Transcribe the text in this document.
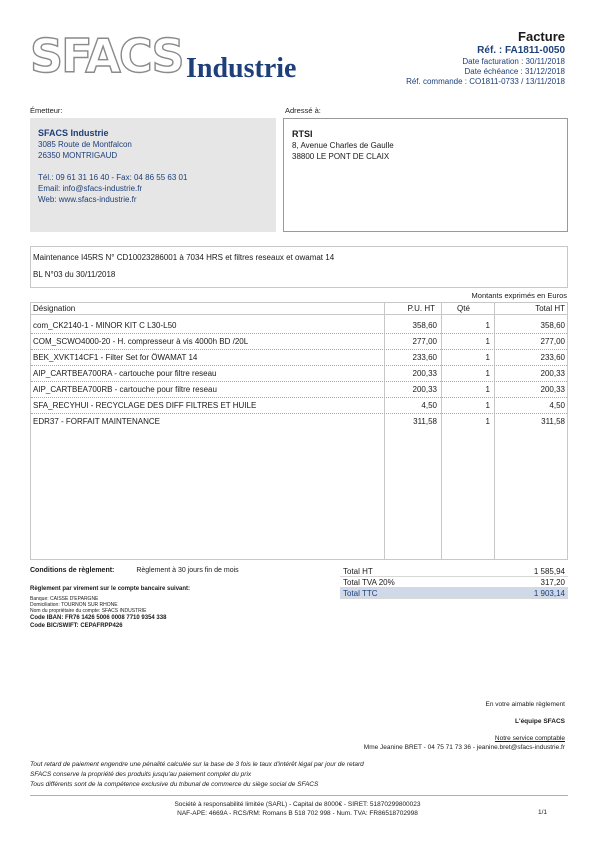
SFACS Industrie
Facture
Réf. : FA1811-0050
Date facturation : 30/11/2018
Date échéance : 31/12/2018
Réf. commande : CO1811-0733 / 13/11/2018
Émetteur:	Adressé à:
SFACS Industrie
3085 Route de Montfalcon
26350 MONTRIGAUD
Tél.: 09 61 31 16 40 - Fax: 04 86 55 63 01
Email: info@sfacs-industrie.fr
Web: www.sfacs-industrie.fr
RTSI
8, Avenue Charles de Gaulle
38800 LE PONT DE CLAIX
Maintenance I45RS N° CD10023286001 à 7034 HRS et filtres reseaux et owamat 14
BL N°03 du 30/11/2018
Montants exprimés en Euros
Désignation	P.U. HT	Qté	Total HT
com_CK2140-1 - MINOR KIT C L30-L50	358,60	1	358,60
COM_SCWO4000-20 - H. compresseur à vis 4000h BD /20L	277,00	1	277,00
BEK_XVKT14CF1 - Filter Set for ÖWAMAT 14	233,60	1	233,60
AIP_CARTBEA700RA - cartouche pour filtre reseau	200,33	1	200,33
AIP_CARTBEA700RB - cartouche pour filtre reseau	200,33	1	200,33
SFA_RECYHUI - RECYCLAGE DES DIFF FILTRES ET HUILE	4,50	1	4,50
EDR37 - FORFAIT MAINTENANCE	311,58	1	311,58
Conditions de règlement:	Règlement à 30 jours fin de mois
Règlement par virement sur le compte bancaire suivant:
Banque: CAISSE D'EPARGNE
Domiciliation: TOURNON SUR RHONE
Nom du propriétaire du compte: SFACS INDUSTRIE
Code IBAN: FR76 1426 5006 0008 7710 9354 338
Code BIC/SWIFT: CEPAFRPP426
Total HT	1 585,94
Total TVA 20%	317,20
Total TTC	1 903,14
En votre aimable règlement
L'équipe SFACS
Notre service comptable
Mme Jeanine BRET - 04 75 71 73 36 - jeanine.bret@sfacs-industrie.fr
Tout retard de paiement engendre une pénalité calculée sur la base de 3 fois le taux d'intérêt légal par jour de retard
SFACS conserve la propriété des produits jusqu'au paiement complet du prix
Tous différents sont de la compétence exclusive du tribunal de commerce du siège social de SFACS
Société à responsabilité limitée (SARL) - Capital de 8000€ - SIRET: 51870299800023
NAF-APE: 4669A - RCS/RM: Romans B 518 702 998 - Num. TVA: FR86518702998	1/1
